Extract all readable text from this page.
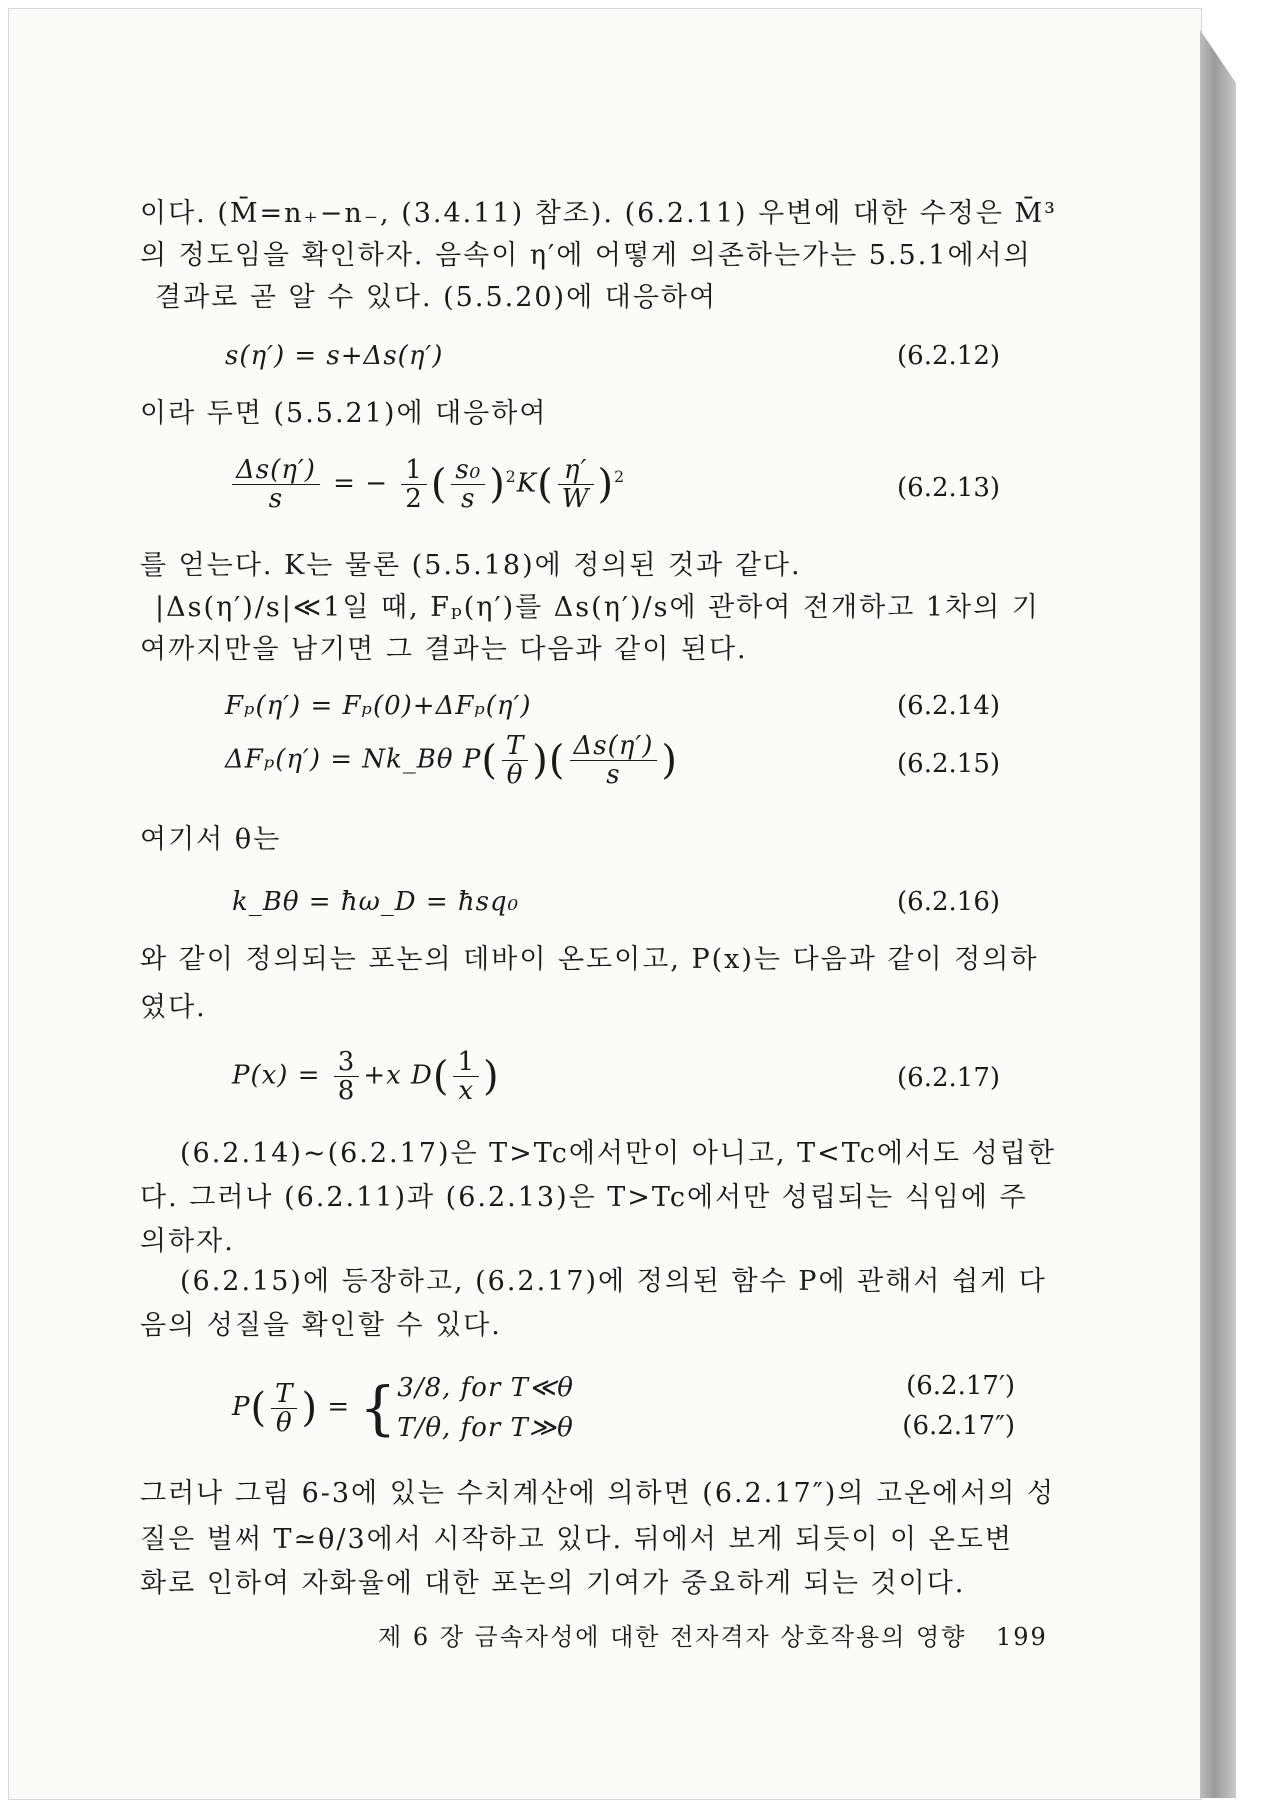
이다. (M̄=n₊−n₋, (3.4.11) 참조). (6.2.11) 우변에 대한 수정은 M̄³
의 정도임을 확인하자. 음속이 η′에 어떻게 의존하는가는 5.5.1에서의
결과로 곧 알 수 있다. (5.5.20)에 대응하여
s(η′) = s+Δs(η′)	(6.2.12)
이라 두면 (5.5.21)에 대응하여
$\frac{\Delta s(\eta')}{s}$ = − $\frac{1}{2}$ ( $\frac{\text{s₀}}{s} )^2K( \frac{\eta'}{W} )^2$	(6.2.13)
를 얻는다. K는 물론 (5.5.18)에 정의된 것과 같다.
|Δs(η′)/s|≪1일 때, Fₚ(η′)를 Δs(η′)/s에 관하여 전개하고 1차의 기
여까지만을 남기면 그 결과는 다음과 같이 된다.
Fₚ(η′) = Fₚ(0)+ΔFₚ(η′)	(6.2.14)
ΔFₚ(η′) = Nk_Bθ $P( \frac{T}{\theta}$ )( $\frac{\Delta s(\eta')}{s}$ )	(6.2.15)
여기서 θ는
k_Bθ = ħω_D = ħsq₀	(6.2.16)
와 같이 정의되는 포논의 데바이 온도이고, P(x)는 다음과 같이 정의하
였다.
$P(x) = \frac{3}{8} +x$ $D( \frac{1}{x}$ )	(6.2.17)
(6.2.14)~(6.2.17)은 T>Tc에서만이 아니고, T<Tc에서도 성립한
다. 그러나 (6.2.11)과 (6.2.13)은 T>Tc에서만 성립되는 식임에 주
의하자.
(6.2.15)에 등장하고, (6.2.17)에 정의된 함수 P에 관해서 쉽게 다
음의 성질을 확인할 수 있다.
$P( \frac{T}{\theta}$ ) = { 3/8, for T≪θ
T/θ, for T≫θ
(6.2.17′)
(6.2.17″)
그러나 그림 6-3에 있는 수치계산에 의하면 (6.2.17″)의 고온에서의 성
질은 벌써 T≃θ/3에서 시작하고 있다. 뒤에서 보게 되듯이 이 온도변
화로 인하여 자화율에 대한 포논의 기여가 중요하게 되는 것이다.
제 6 장 금속자성에 대한 전자격자 상호작용의 영향 199
